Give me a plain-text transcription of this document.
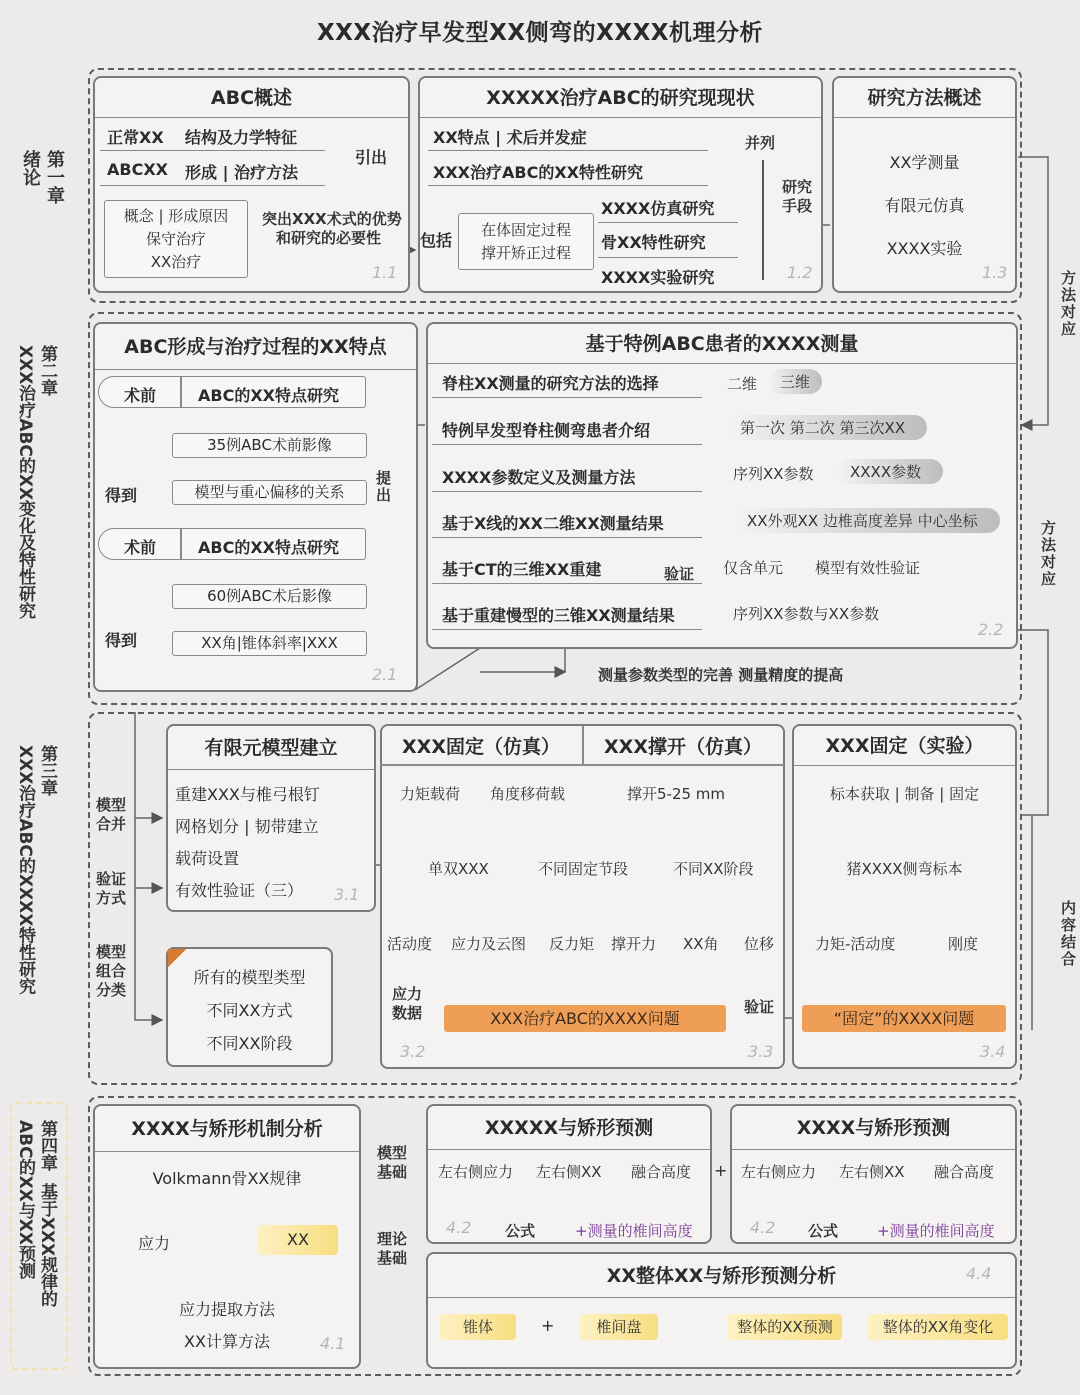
XXX治疗早发型XX侧弯的XXXX机理分析
第一章
绪论
ABC概述
正常XX 结构及力学特征
ABCXX 形成 | 治疗方法
引出
概念 | 形成原因
保守治疗
XX治疗
突出XXX术式的优势
和研究的必要性
1.1
XXXXX治疗ABC的研究现现状
XX特点 | 术后并发症
XXX治疗ABC的XX特性研究
包括
在体固定过程
撑开矫正过程
XXXX仿真研究
骨XX特性研究
XXXX实验研究
并列
研究
手段
1.2
研究方法概述
XX学测量
有限元仿真
XXXX实验
1.3	方法对应
方法对应
内容结合
第二章
XXX治疗ABC的XX变化及特性研究	ABC形成与治疗过程的XX特点
术前	ABC的XX特点研究
35例ABC术前影像
得到	模型与重心偏移的关系	提出
术前	ABC的XX特点研究
60例ABC术后影像
得到	XX角|锥体斜率|XXX
2.1
基于特例ABC患者的XXXX测量
脊柱XX测量的研究方法的选择
特例早发型脊柱侧弯患者介绍
XXXX参数定义及测量方法
基于X线的XX二维XX测量结果
基于CT的三维XX重建
基于重建慢型的三锥XX测量结果
二维	三维
第一次 第二次 第三次XX
序列XX参数	XXXX参数
XX外观XX 边椎高度差异 中心坐标
验证 仅含单元 模型有效性验证
序列XX参数与XX参数
2.2
测量参数类型的完善 测量精度的提高
第三章
XXX治疗ABC的XXXX特性研究	模型合并
验证方式
模型组合分类
有限元模型建立
重建XXX与椎弓根钉
网格划分 | 韧带建立
载荷设置
有效性验证（三） 3.1
所有的模型类型
不同XX方式
不同XX阶段
XXX固定（仿真）	XXX撑开（仿真）
力矩载荷 角度移荷载	撑开5-25 mm
单双XXX	不同固定节段	不同XX阶段
活动度 应力及云图 反力矩 撑开力 XX角 位移
应力
数据	XXX治疗ABC的XXXX问题
验证
3.2	3.3
XXX固定（实验）
标本获取 | 制备 | 固定
猪XXXX侧弯标本
力矩-活动度	刚度
“固定”的XXXX问题
3.4
第四章  基于XXX规律的
ABC的XX与XX预测	XXXX与矫形机制分析
Volkmann骨XX规律
应力	XX
应力提取方法
XX计算方法	4.1
模型
基础
理论
基础
XXXXX与矫形预测
左右侧应力 左右侧XX 融合高度
公式	+测量的椎间高度
4.2
+
XXXX与矫形预测
左右侧应力 左右侧XX 融合高度
公式	+测量的椎间高度
4.2
XX整体XX与矫形预测分析	4.4
锥体	+	椎间盘	整体的XX预测	整体的XX角变化
